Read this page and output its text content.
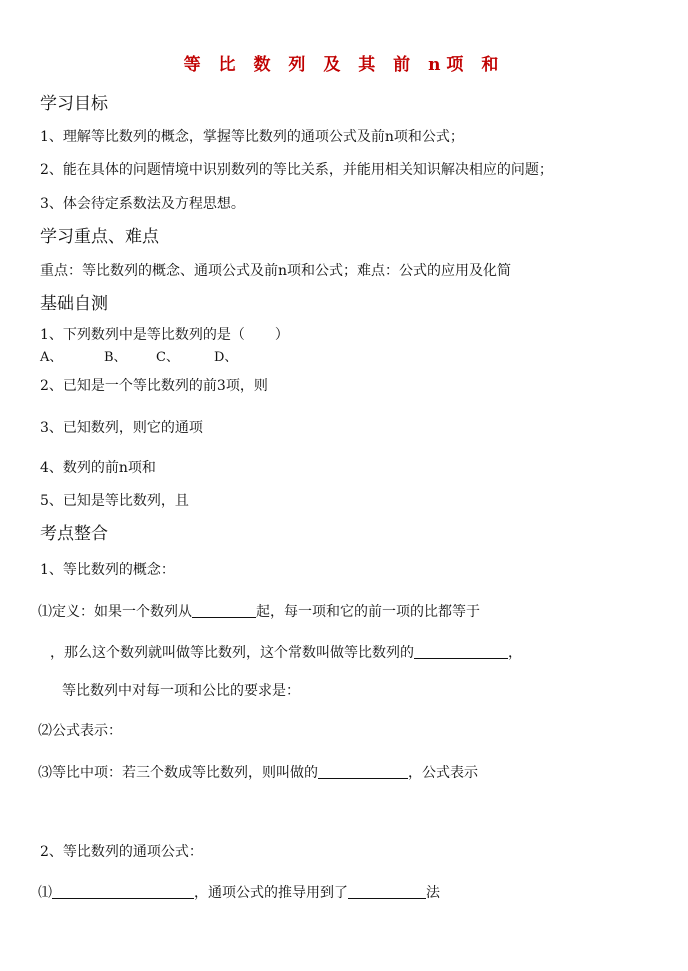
等 比 数 列 及 其 前 n项 和
学习目标
1、理解等比数列的概念，掌握等比数列的通项公式及前n项和公式；
2、能在具体的问题情境中识别数列的等比关系，并能用相关知识解决相应的问题；
3、体会待定系数法及方程思想。
学习重点、难点
重点：等比数列的概念、通项公式及前n项和公式；难点：公式的应用及化简
基础自测
1、下列数列中是等比数列的是（ ）
A、	B、 C、	D、
2、已知是一个等比数列的前3项，则
3、已知数列，则它的通项
4、数列的前n项和
5、已知是等比数列，且
考点整合
1、等比数列的概念：
⑴定义：如果一个数列从	起，每一项和它的前一项的比都等于
，那么这个数列就叫做等比数列，这个常数叫做等比数列的	，
等比数列中对每一项和公比的要求是：
⑵公式表示：
⑶等比中项：若三个数成等比数列，则叫做的	，公式表示
2、等比数列的通项公式：
⑴	，通项公式的推导用到了	法
